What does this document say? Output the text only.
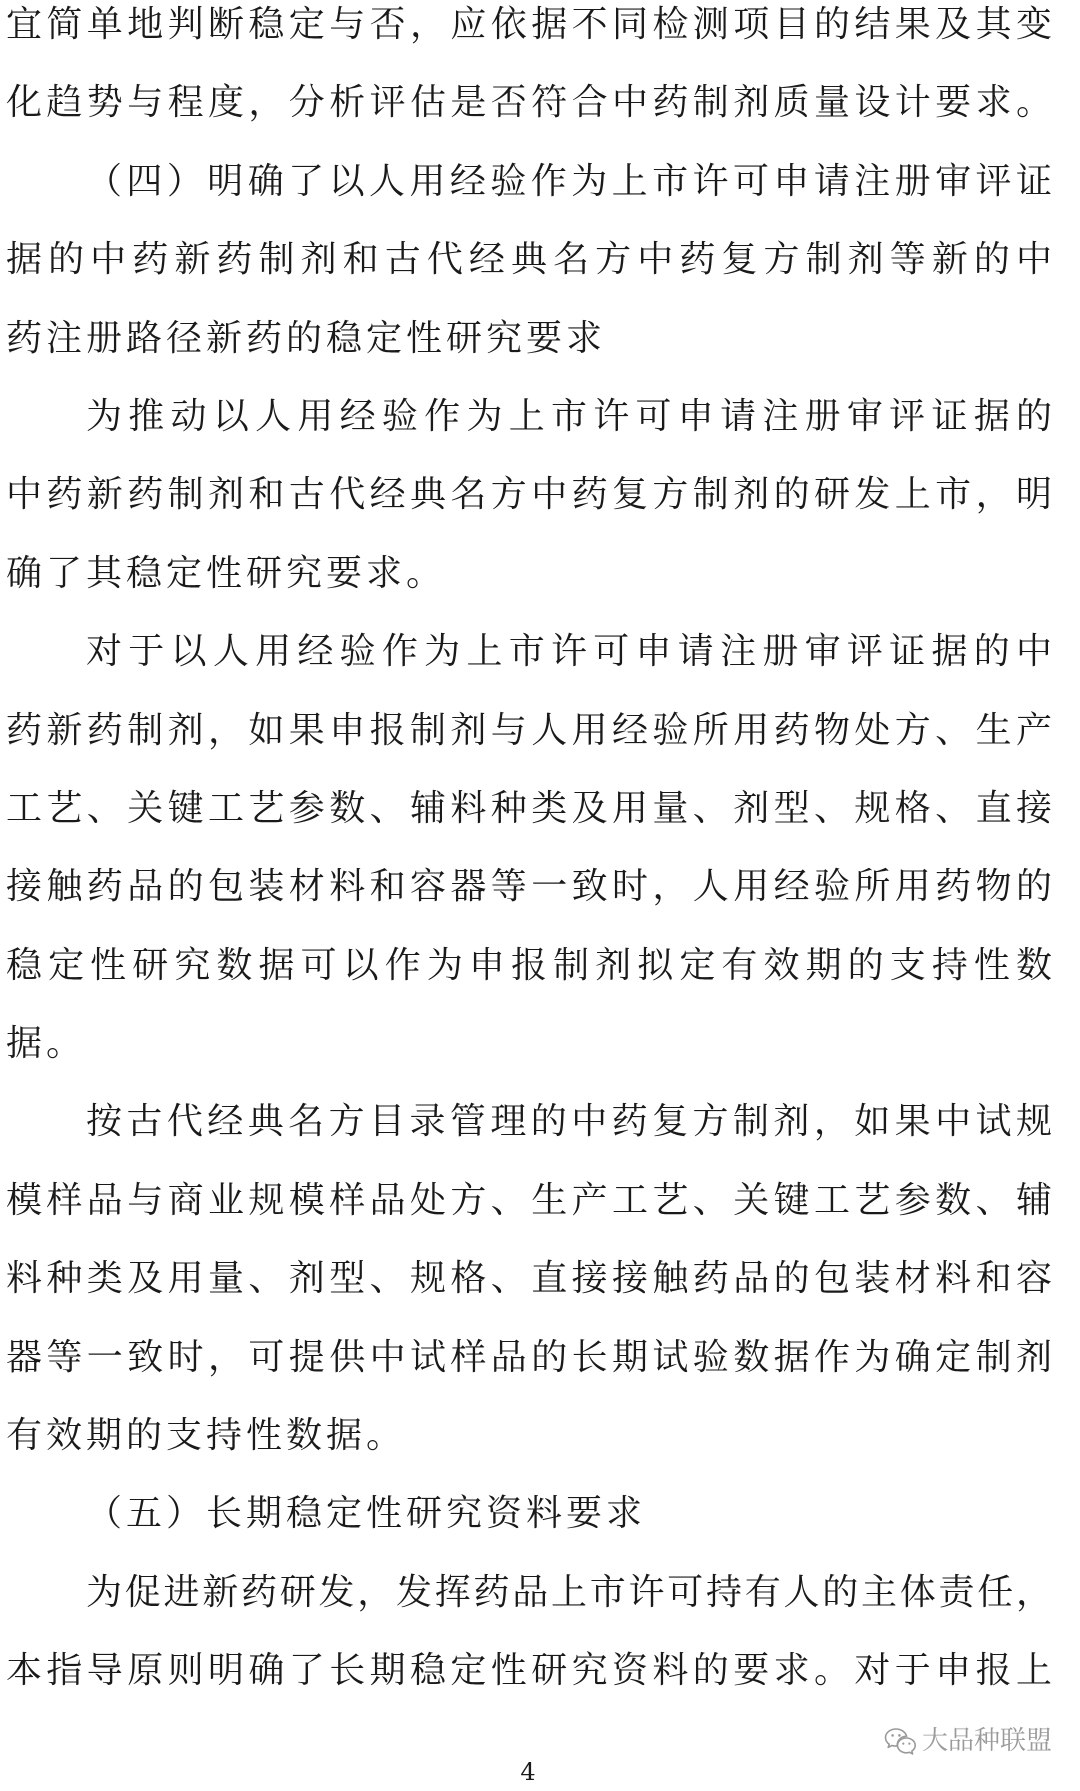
宜简单地判断稳定与否，应依据不同检测项目的结果及其变
化趋势与程度，分析评估是否符合中药制剂质量设计要求。
（四）明确了以人用经验作为上市许可申请注册审评证
据的中药新药制剂和古代经典名方中药复方制剂等新的中
药注册路径新药的稳定性研究要求
为推动以人用经验作为上市许可申请注册审评证据的
中药新药制剂和古代经典名方中药复方制剂的研发上市，明
确了其稳定性研究要求。
对于以人用经验作为上市许可申请注册审评证据的中
药新药制剂，如果申报制剂与人用经验所用药物处方、生产
工艺、关键工艺参数、辅料种类及用量、剂型、规格、直接
接触药品的包装材料和容器等一致时，人用经验所用药物的
稳定性研究数据可以作为申报制剂拟定有效期的支持性数
据。
按古代经典名方目录管理的中药复方制剂，如果中试规
模样品与商业规模样品处方、生产工艺、关键工艺参数、辅
料种类及用量、剂型、规格、直接接触药品的包装材料和容
器等一致时，可提供中试样品的长期试验数据作为确定制剂
有效期的支持性数据。
（五）长期稳定性研究资料要求
为促进新药研发，发挥药品上市许可持有人的主体责任，
本指导原则明确了长期稳定性研究资料的要求。对于申报上
大品种联盟
4
